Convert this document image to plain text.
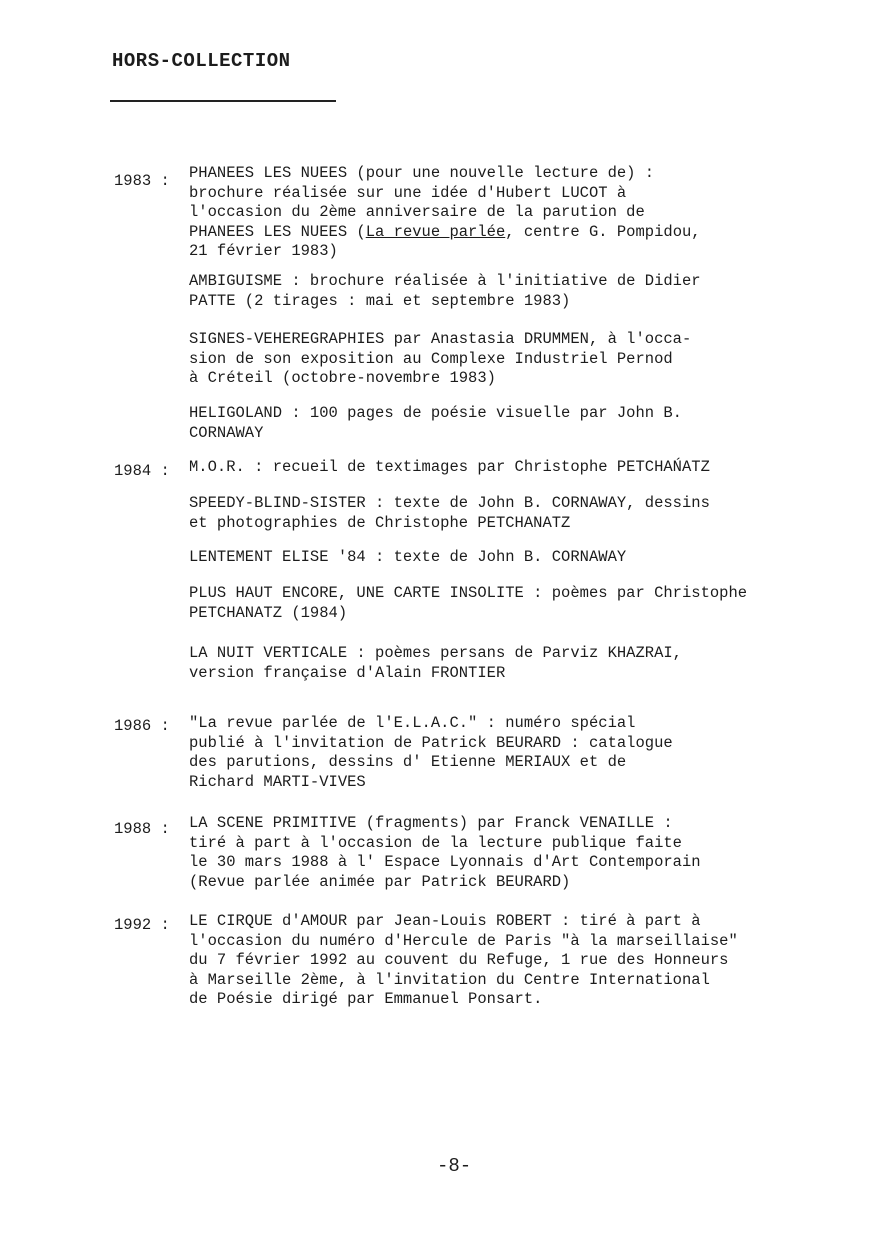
HORS-COLLECTION
1983 :	PHANEES LES NUEES (pour une nouvelle lecture de) :
brochure réalisée sur une idée d'Hubert LUCOT à
l'occasion du 2ème anniversaire de la parution de
PHANEES LES NUEES (La revue parlée, centre G. Pompidou,
21 février 1983)
AMBIGUISME : brochure réalisée à l'initiative de Didier
PATTE (2 tirages : mai et septembre 1983)
SIGNES-VEHEREGRAPHIES par Anastasia DRUMMEN, à l'occa-
sion de son exposition au Complexe Industriel Pernod
à Créteil (octobre-novembre 1983)
HELIGOLAND : 100 pages de poésie visuelle par John B.
CORNAWAY
1984 :	M.O.R. : recueil de textimages par Christophe PETCHAŃATZ
SPEEDY-BLIND-SISTER : texte de John B. CORNAWAY, dessins
et photographies de Christophe PETCHANATZ
LENTEMENT ELISE '84 : texte de John B. CORNAWAY
PLUS HAUT ENCORE, UNE CARTE INSOLITE : poèmes par Christophe
PETCHANATZ (1984)
LA NUIT VERTICALE : poèmes persans de Parviz KHAZRAI,
version française d'Alain FRONTIER
1986 :	"La revue parlée de l'E.L.A.C." : numéro spécial
publié à l'invitation de Patrick BEURARD : catalogue
des parutions, dessins d' Etienne MERIAUX et de
Richard MARTI-VIVES
1988 :	LA SCENE PRIMITIVE (fragments) par Franck VENAILLE :
tiré à part à l'occasion de la lecture publique faite
le 30 mars 1988 à l' Espace Lyonnais d'Art Contemporain
(Revue parlée animée par Patrick BEURARD)
1992 :	LE CIRQUE d'AMOUR par Jean-Louis ROBERT : tiré à part à
l'occasion du numéro d'Hercule de Paris "à la marseillaise"
du 7 février 1992 au couvent du Refuge, 1 rue des Honneurs
à Marseille 2ème, à l'invitation du Centre International
de Poésie dirigé par Emmanuel Ponsart.
-8-
